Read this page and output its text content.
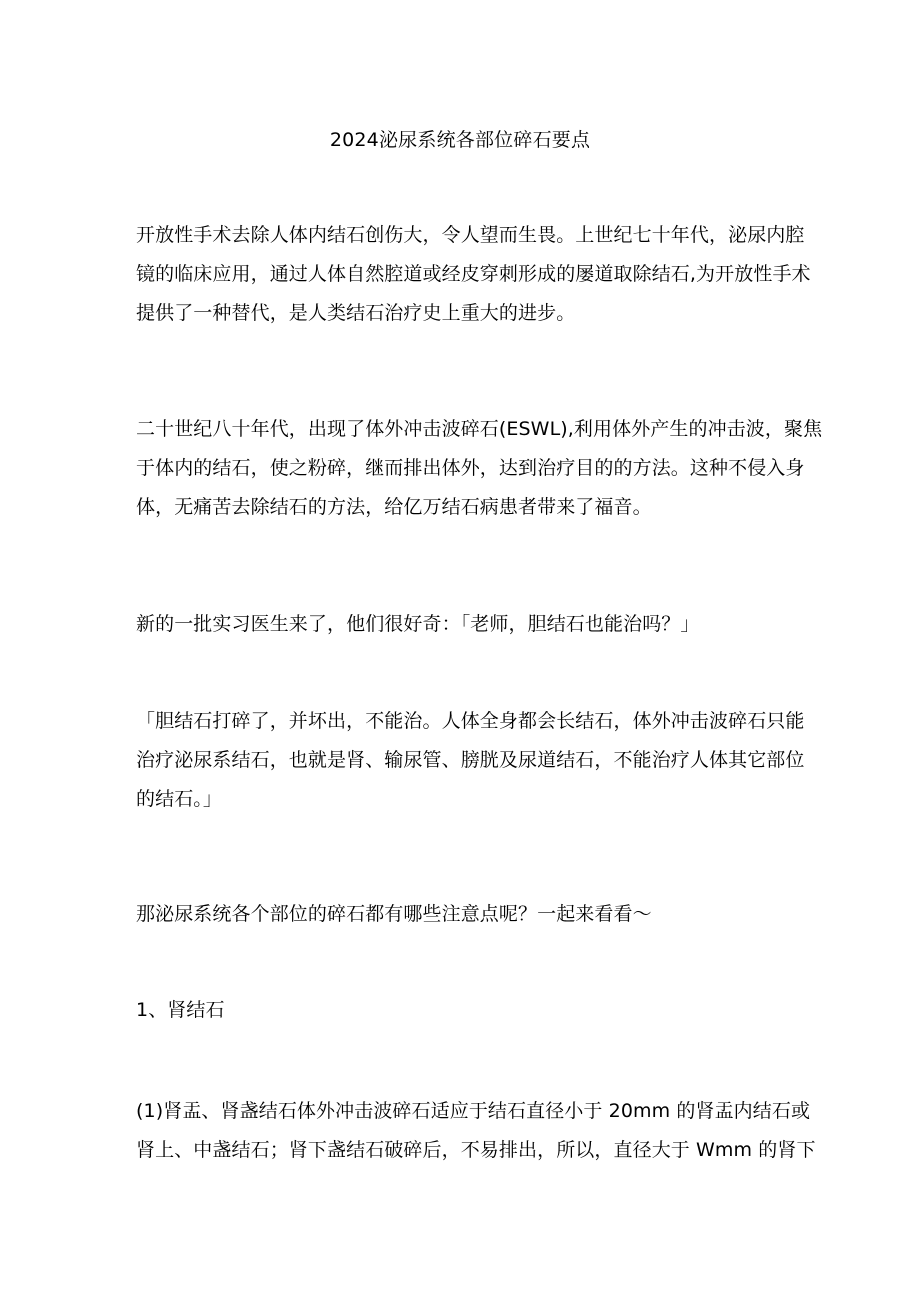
2024泌尿系统各部位碎石要点
开放性手术去除人体内结石创伤大，令人望而生畏。上世纪七十年代，泌尿内腔
镜的临床应用，通过人体自然腔道或经皮穿刺形成的屡道取除结石,为开放性手术
提供了一种替代，是人类结石治疗史上重大的进步。
二十世纪八十年代，出现了体外冲击波碎石(ESWL),利用体外产生的冲击波，聚焦
于体内的结石，使之粉碎，继而排出体外，达到治疗目的的方法。这种不侵入身
体，无痛苦去除结石的方法，给亿万结石病患者带来了福音。
新的一批实习医生来了，他们很好奇：「老师，胆结石也能治吗？」
「胆结石打碎了，并坏出，不能治。人体全身都会长结石，体外冲击波碎石只能
治疗泌尿系结石，也就是肾、输尿管、膀胱及尿道结石，不能治疗人体其它部位
的结石。」
那泌尿系统各个部位的碎石都有哪些注意点呢？一起来看看〜
1、肾结石
(1)肾盂、肾盏结石体外冲击波碎石适应于结石直径小于 20mm 的肾盂内结石或
肾上、中盏结石；肾下盏结石破碎后，不易排出，所以，直径大于 Wmm 的肾下
